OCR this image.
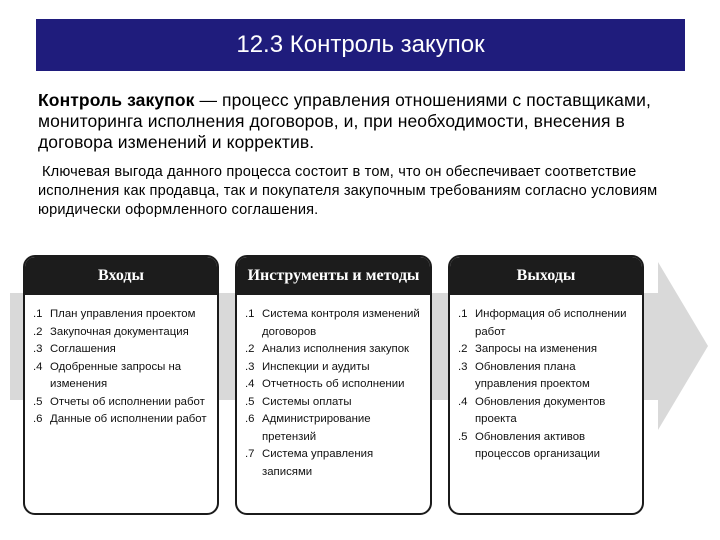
12.3 Контроль закупок
Контроль закупок — процесс управления отношениями с поставщиками, мониторинга исполнения договоров, и, при необходимости, внесения в договора изменений и корректив.
Ключевая выгода данного процесса состоит в том, что он обеспечивает соответствие исполнения как продавца, так и покупателя закупочным требованиям согласно условиям юридически оформленного соглашения.
Входы
.1 План управления проектом
.2 Закупочная документация
.3 Соглашения
.4 Одобренные запросы на изменения
.5 Отчеты об исполнении работ
.6 Данные об исполнении работ
Инструменты и методы
.1 Система контроля изменений договоров
.2 Анализ исполнения закупок
.3 Инспекции и аудиты
.4 Отчетность об исполнении
.5 Системы оплаты
.6 Администрирование претензий
.7 Система управления записями
Выходы
.1 Информация об исполнении работ
.2 Запросы на изменения
.3 Обновления плана управления проектом
.4 Обновления документов проекта
.5 Обновления активов процессов организации
